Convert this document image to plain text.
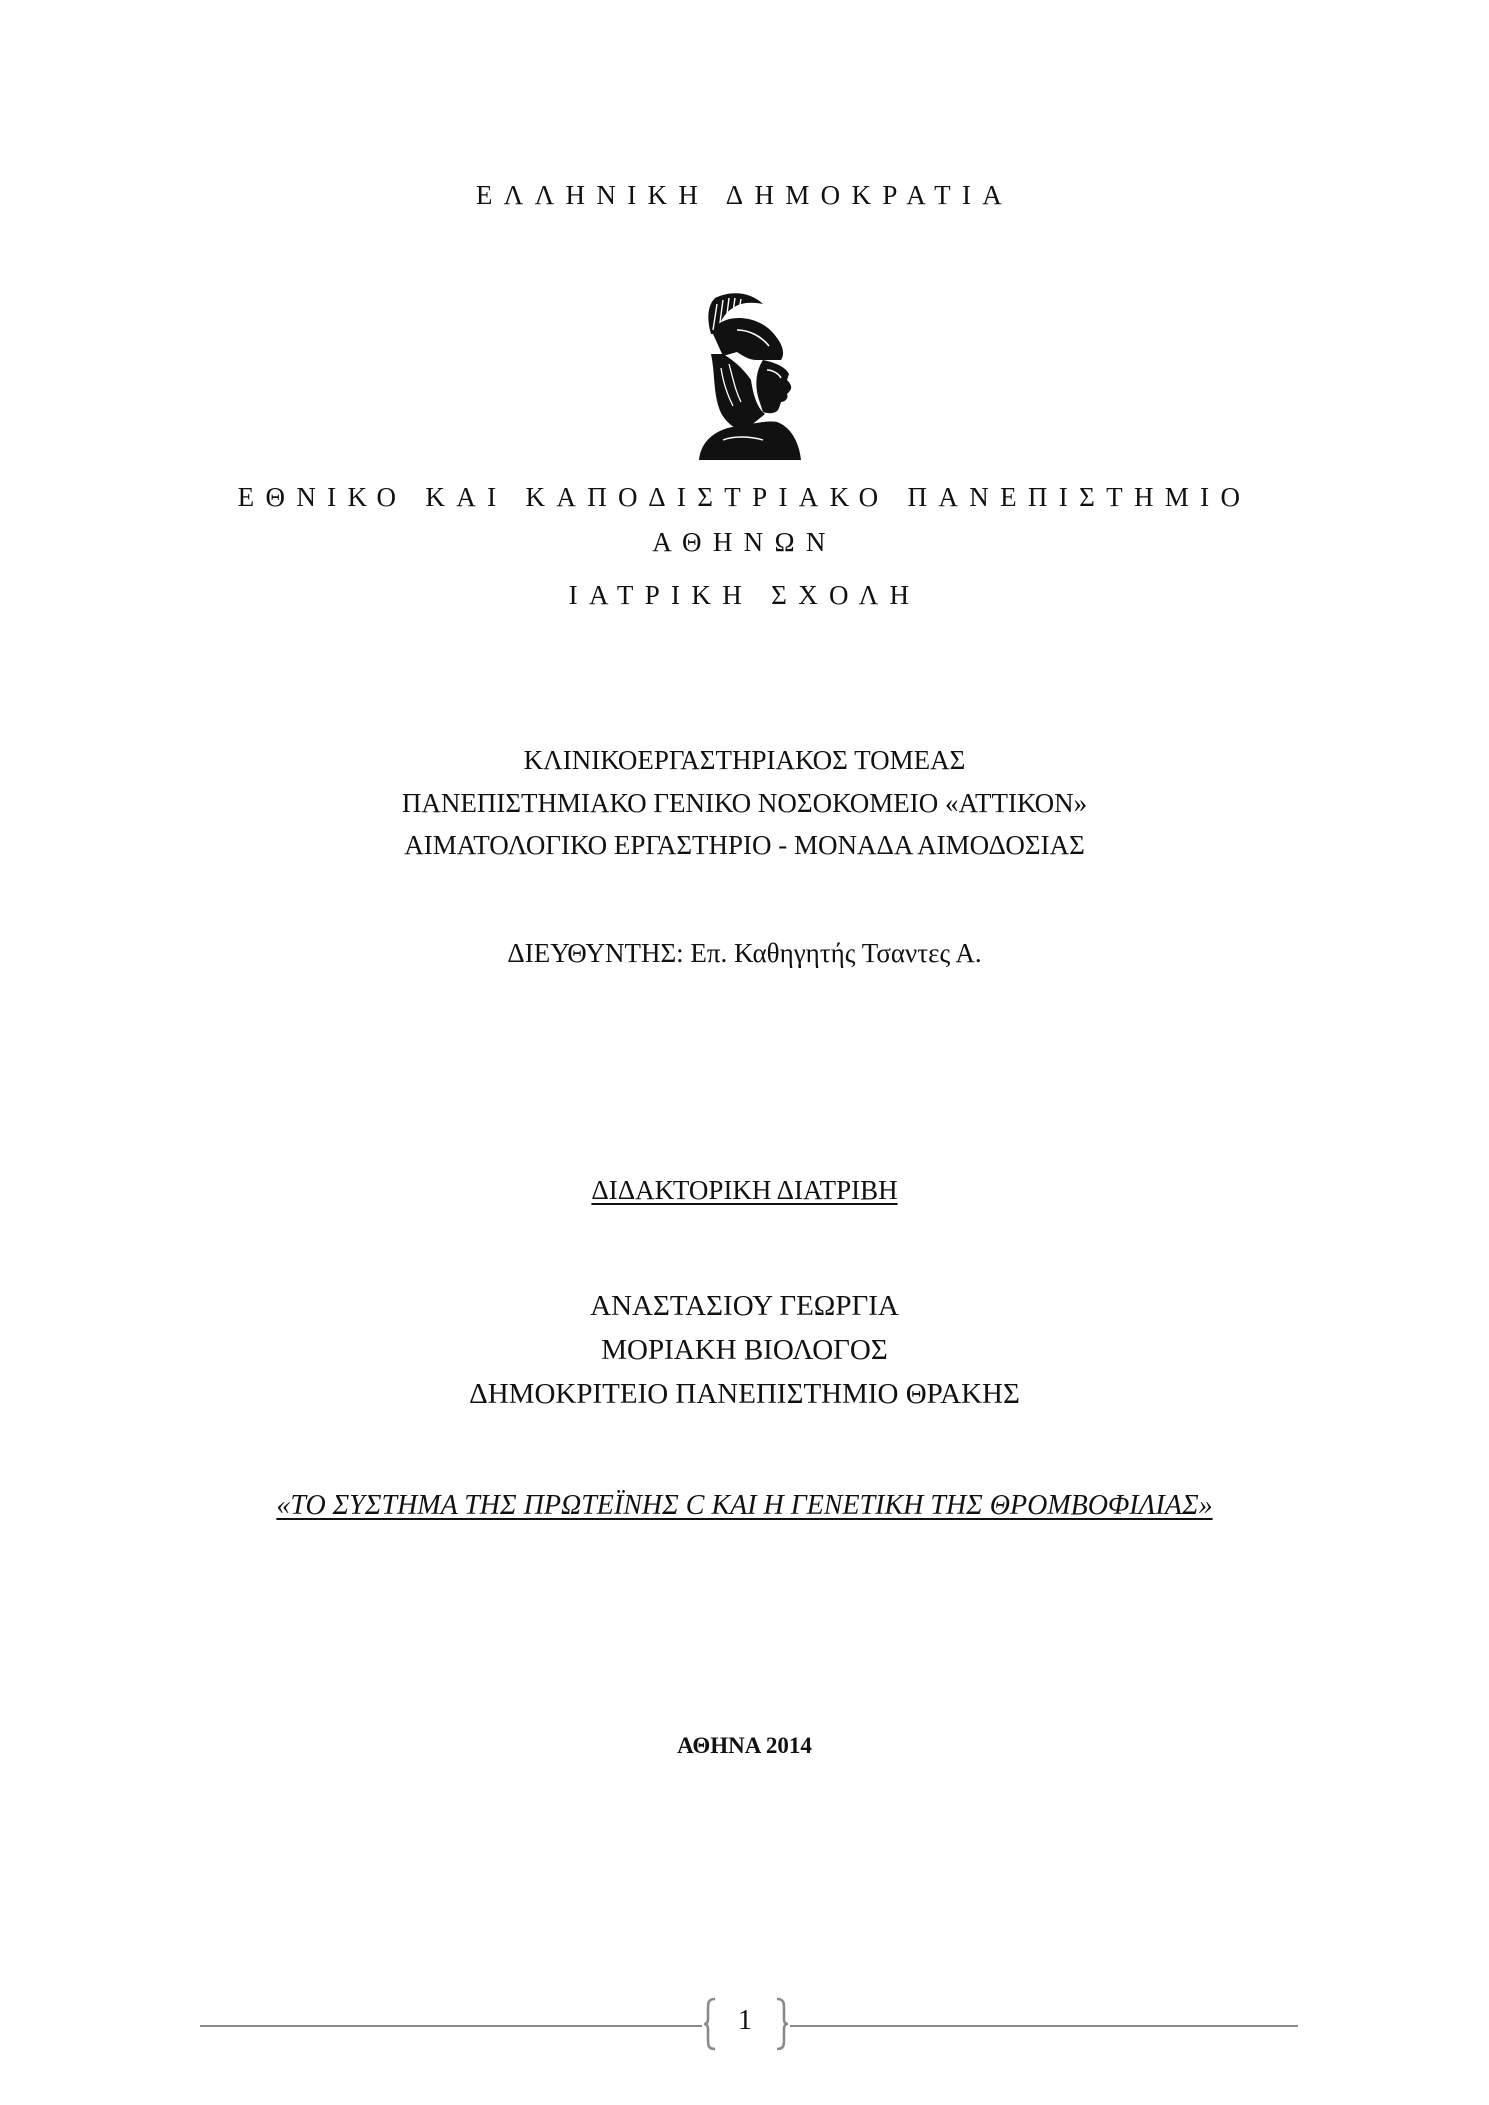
ΕΛΛΗΝΙΚΗ ΔΗΜΟΚΡΑΤΙΑ
ΕΘΝΙΚΟ ΚΑΙ ΚΑΠΟΔΙΣΤΡΙΑΚΟ ΠΑΝΕΠΙΣΤΗΜΙΟ
ΑΘΗΝΩΝ
ΙΑΤΡΙΚΗ ΣΧΟΛΗ
ΚΛΙΝΙΚΟΕΡΓΑΣΤΗΡΙΑΚΟΣ ΤΟΜΕΑΣ
ΠΑΝΕΠΙΣΤΗΜΙΑΚΟ ΓΕΝΙΚΟ ΝΟΣΟΚΟΜΕΙΟ «ΑΤΤΙΚΟΝ»
ΑΙΜΑΤΟΛΟΓΙΚΟ ΕΡΓΑΣΤΗΡΙΟ - ΜΟΝΑΔΑ ΑΙΜΟΔΟΣΙΑΣ
ΔΙΕΥΘΥΝΤΗΣ: Επ. Καθηγητής Τσαντες Α.
ΔΙΔΑΚΤΟΡΙΚΗ ΔΙΑΤΡΙΒΗ
ΑΝΑΣΤΑΣΙΟΥ ΓΕΩΡΓΙΑ
ΜΟΡΙΑΚΗ ΒΙΟΛΟΓΟΣ
ΔΗΜΟΚΡΙΤΕΙΟ ΠΑΝΕΠΙΣΤΗΜΙΟ ΘΡΑΚΗΣ
«ΤΟ ΣΥΣΤΗΜΑ ΤΗΣ ΠΡΩΤΕΪΝΗΣ C ΚΑΙ Η ΓΕΝΕΤΙΚΗ ΤΗΣ ΘΡΟΜΒΟΦΙΛΙΑΣ»
ΑΘΗΝΑ 2014
1
